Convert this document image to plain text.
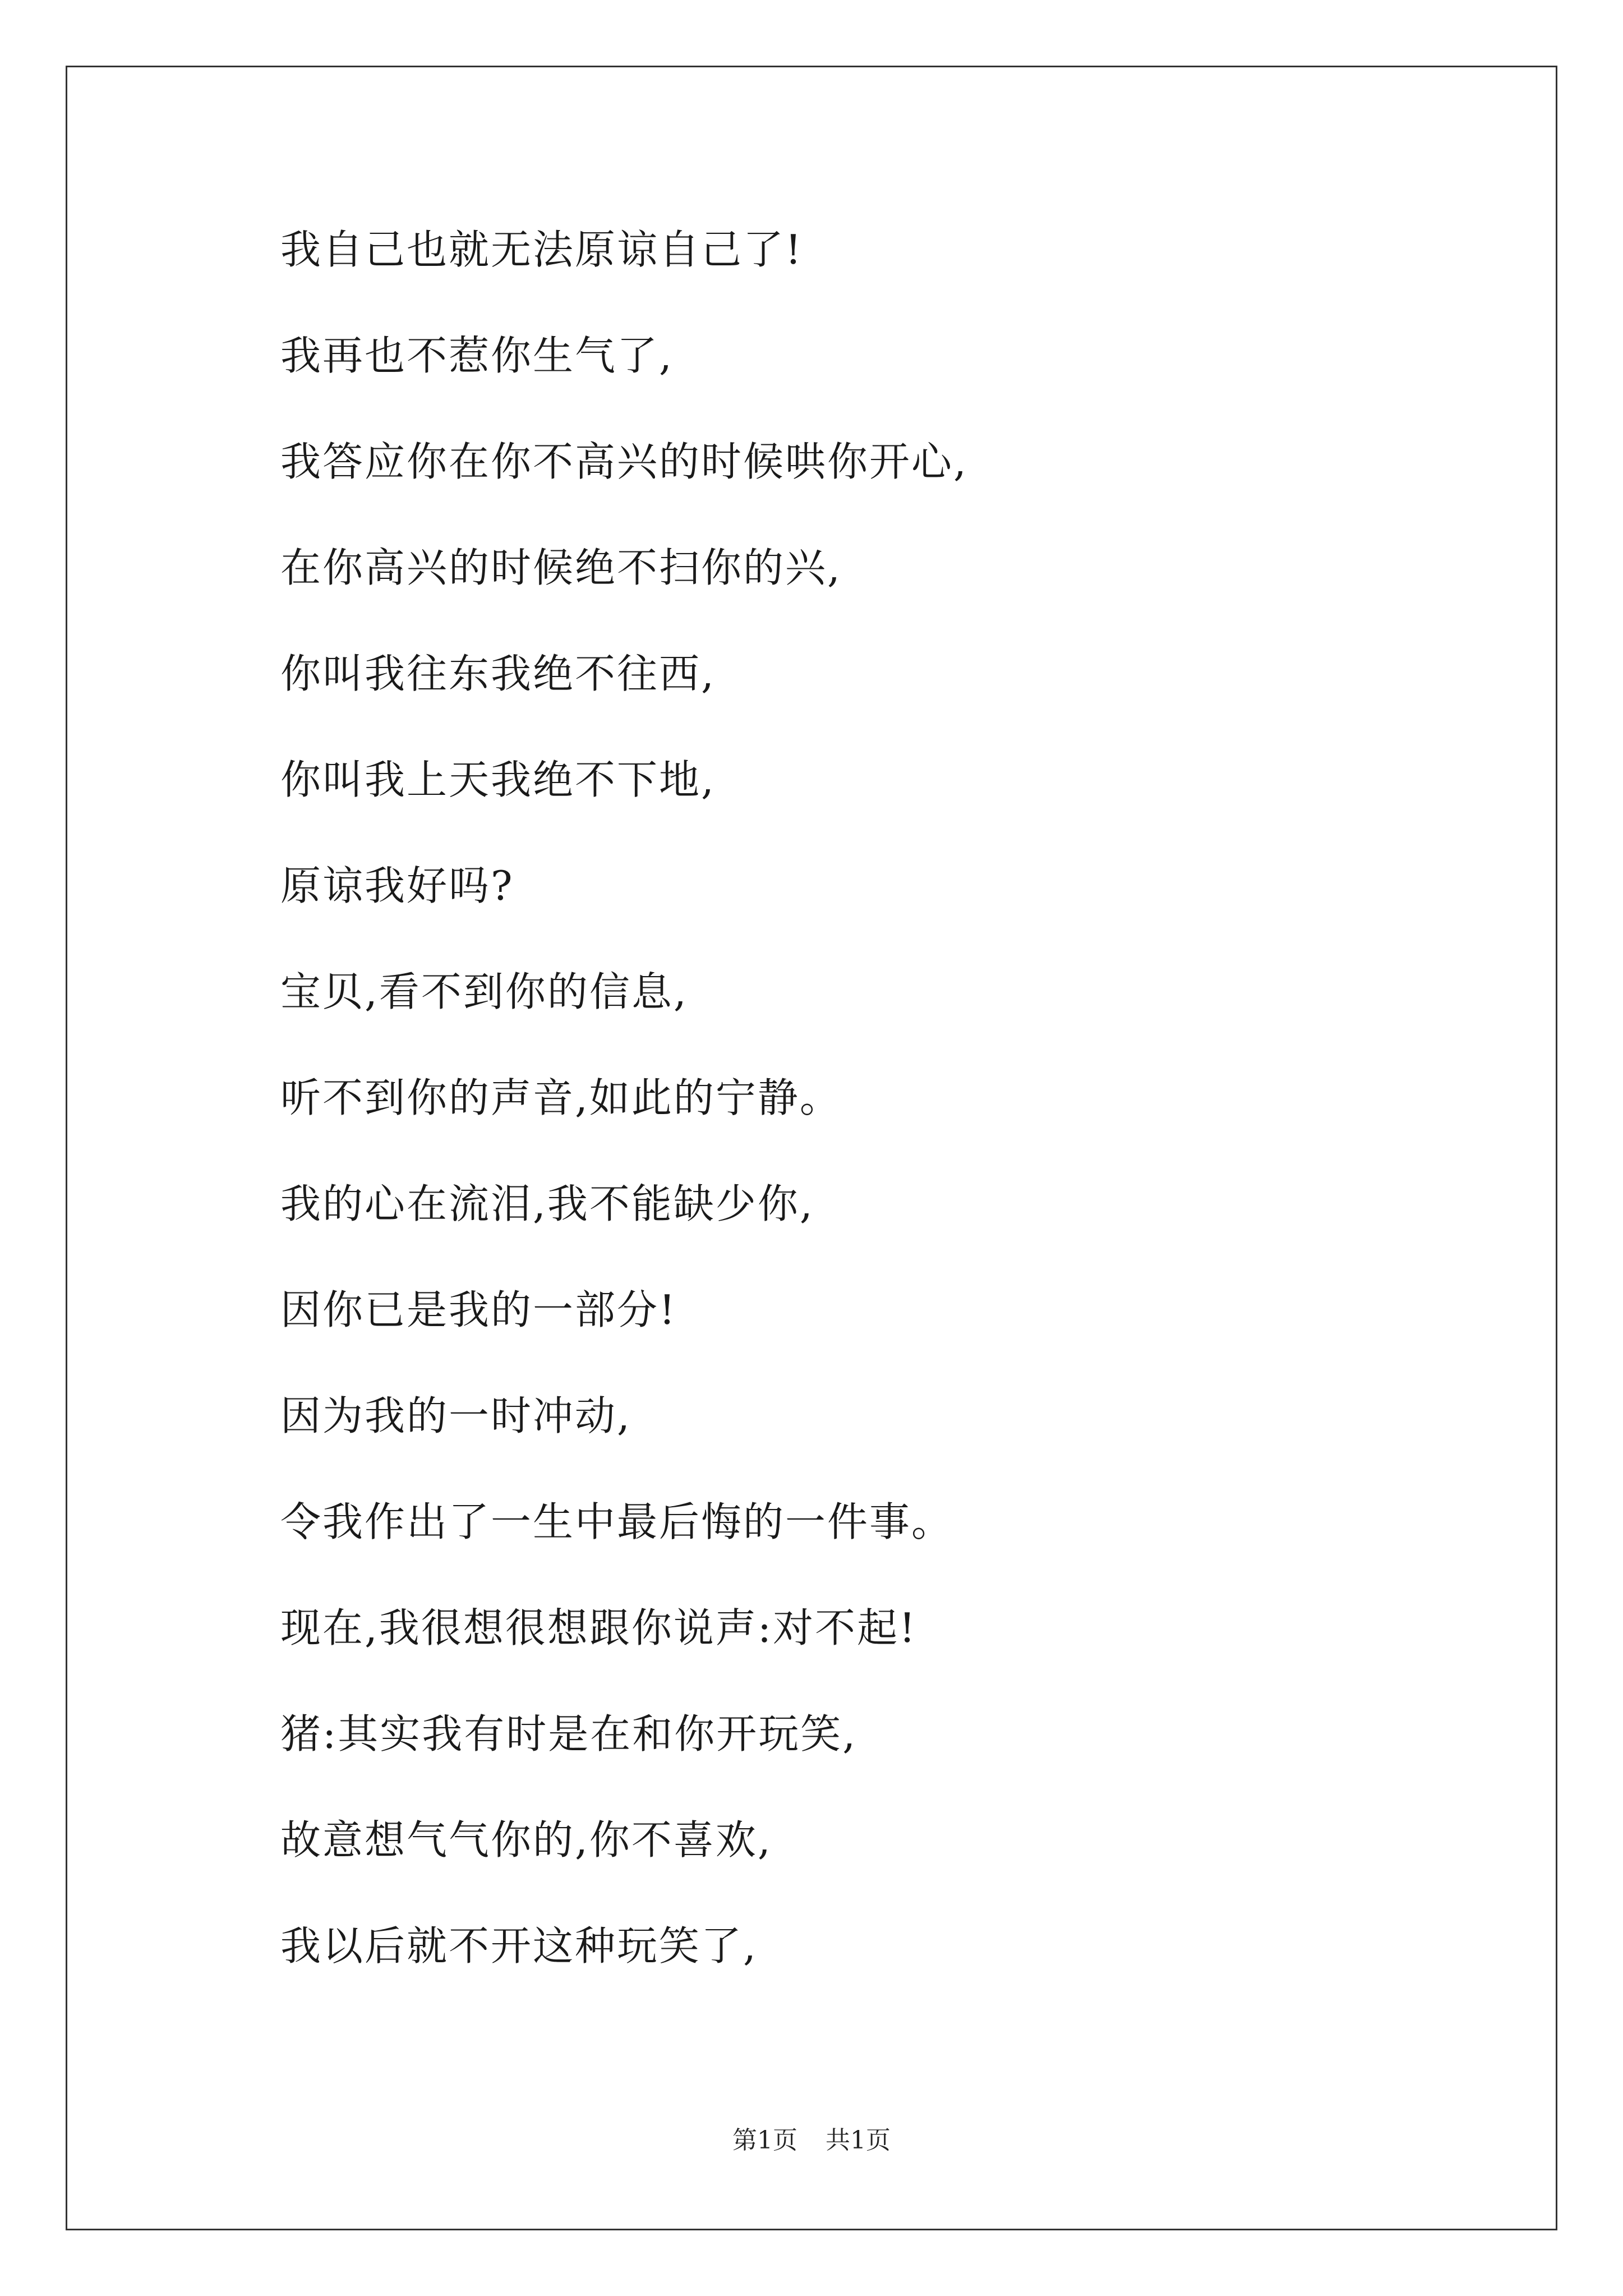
我自己也就无法原谅自己了!
我再也不惹你生气了,
我答应你在你不高兴的时候哄你开心,
在你高兴的时候绝不扫你的兴,
你叫我往东我绝不往西,
你叫我上天我绝不下地,
原谅我好吗?
宝贝,看不到你的信息,
听不到你的声音,如此的宁静。
我的心在流泪,我不能缺少你,
因你已是我的一部分!
因为我的一时冲动,
令我作出了一生中最后悔的一件事。
现在,我很想很想跟你说声:对不起!
猪:其实我有时是在和你开玩笑,
故意想气气你的,你不喜欢,
我以后就不开这种玩笑了,
第1页 共1页
